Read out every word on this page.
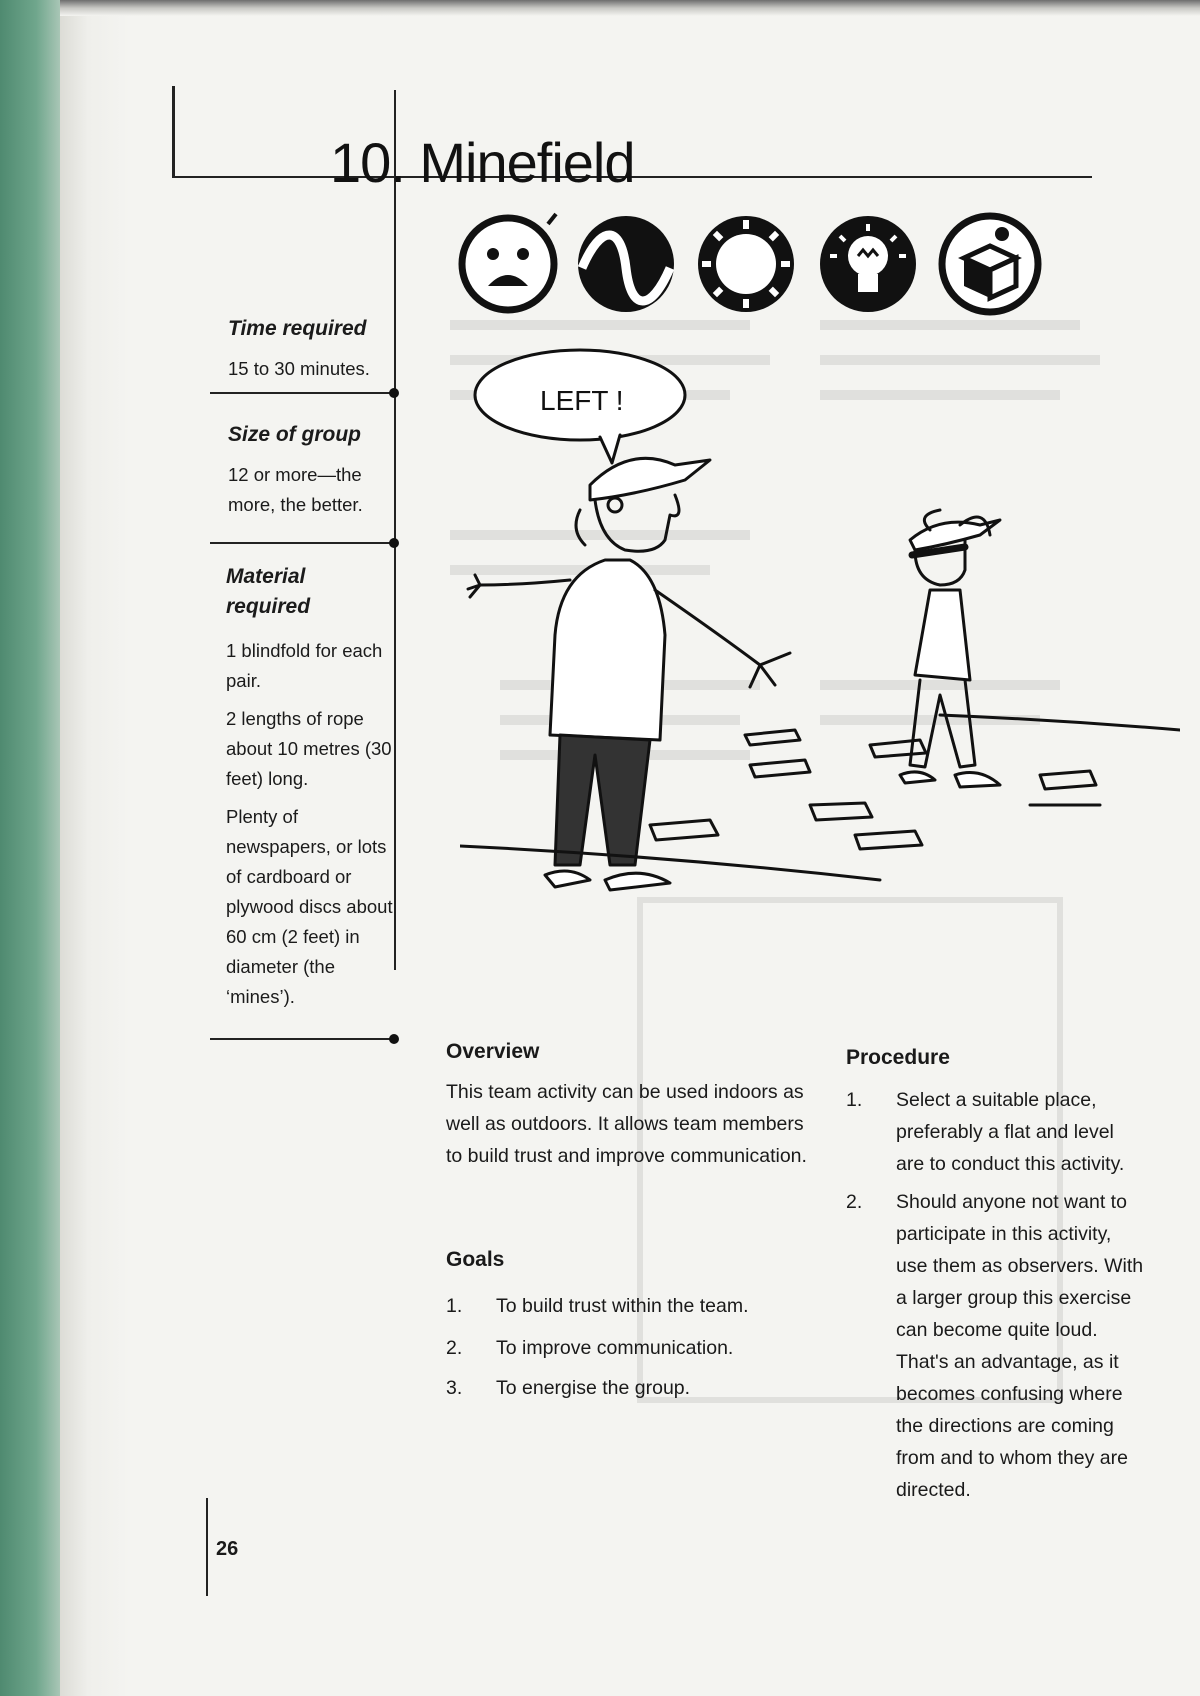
10. Minefield
Time required
15 to 30 minutes.
Size of group
12 or more—the more, the better.
Material required
1 blindfold for each pair.
2 lengths of rope about 10 metres (30 feet) long.
Plenty of newspapers, or lots of cardboard or plywood discs about 60 cm (2 feet) in diameter (the ‘mines’).
LEFT !
Overview
This team activity can be used indoors as well as outdoors. It allows team members to build trust and improve communication.
Goals
1. To build trust within the team.
2. To improve communication.
3. To energise the group.
Procedure
1. Select a suitable place, preferably a flat and level are to conduct this activity.
2. Should anyone not want to participate in this activity, use them as observers. With a larger group this exercise can become quite loud. That's an advantage, as it becomes confusing where the directions are coming from and to whom they are directed.
26
